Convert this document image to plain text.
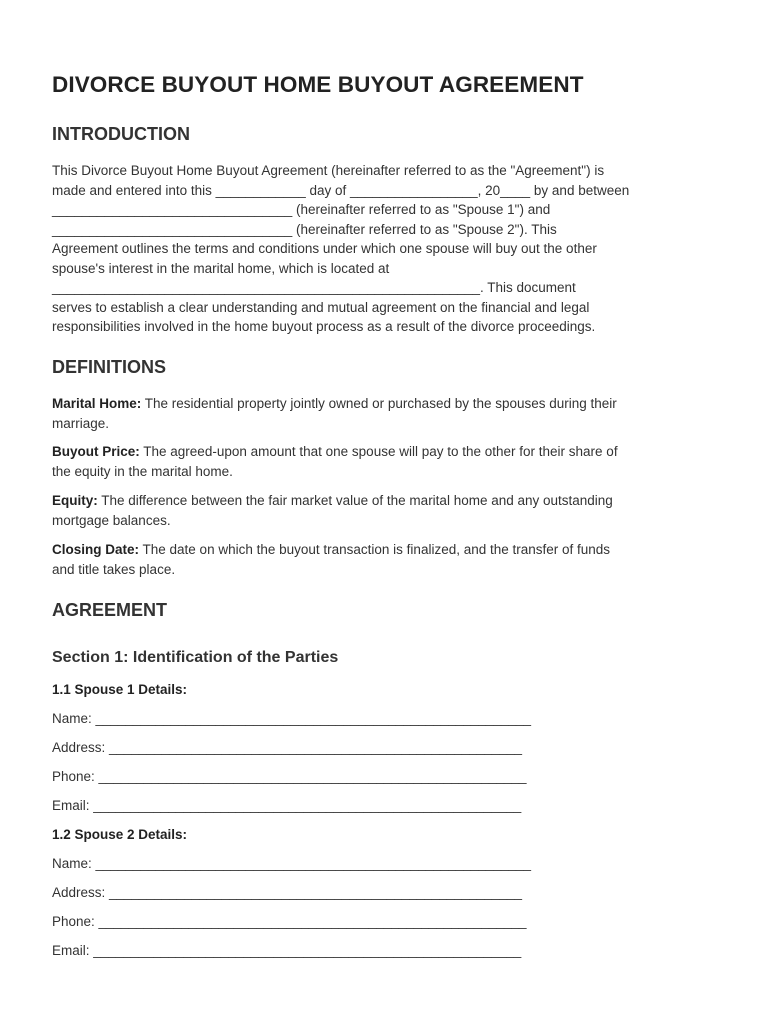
DIVORCE BUYOUT HOME BUYOUT AGREEMENT
INTRODUCTION

This Divorce Buyout Home Buyout Agreement (hereinafter referred to as the "Agreement") is
made and entered into this ____________ day of _________________, 20____ by and between
________________________________ (hereinafter referred to as "Spouse 1") and
________________________________ (hereinafter referred to as "Spouse 2"). This
Agreement outlines the terms and conditions under which one spouse will buy out the other
spouse's interest in the marital home, which is located at
_________________________________________________________. This document
serves to establish a clear understanding and mutual agreement on the financial and legal
responsibilities involved in the home buyout process as a result of the divorce proceedings.

DEFINITIONS

Marital Home: The residential property jointly owned or purchased by the spouses during their
marriage.

Buyout Price: The agreed-upon amount that one spouse will pay to the other for their share of
the equity in the marital home.

Equity: The difference between the fair market value of the marital home and any outstanding
mortgage balances.

Closing Date: The date on which the buyout transaction is finalized, and the transfer of funds
and title takes place.

AGREEMENT
Section 1: Identification of the Parties
1.1 Spouse 1 Details:

Name: __________________________________________________________

Address: _______________________________________________________

Phone: _________________________________________________________

Email: _________________________________________________________

1.2 Spouse 2 Details:

Name: __________________________________________________________

Address: _______________________________________________________

Phone: _________________________________________________________

Email: _________________________________________________________
